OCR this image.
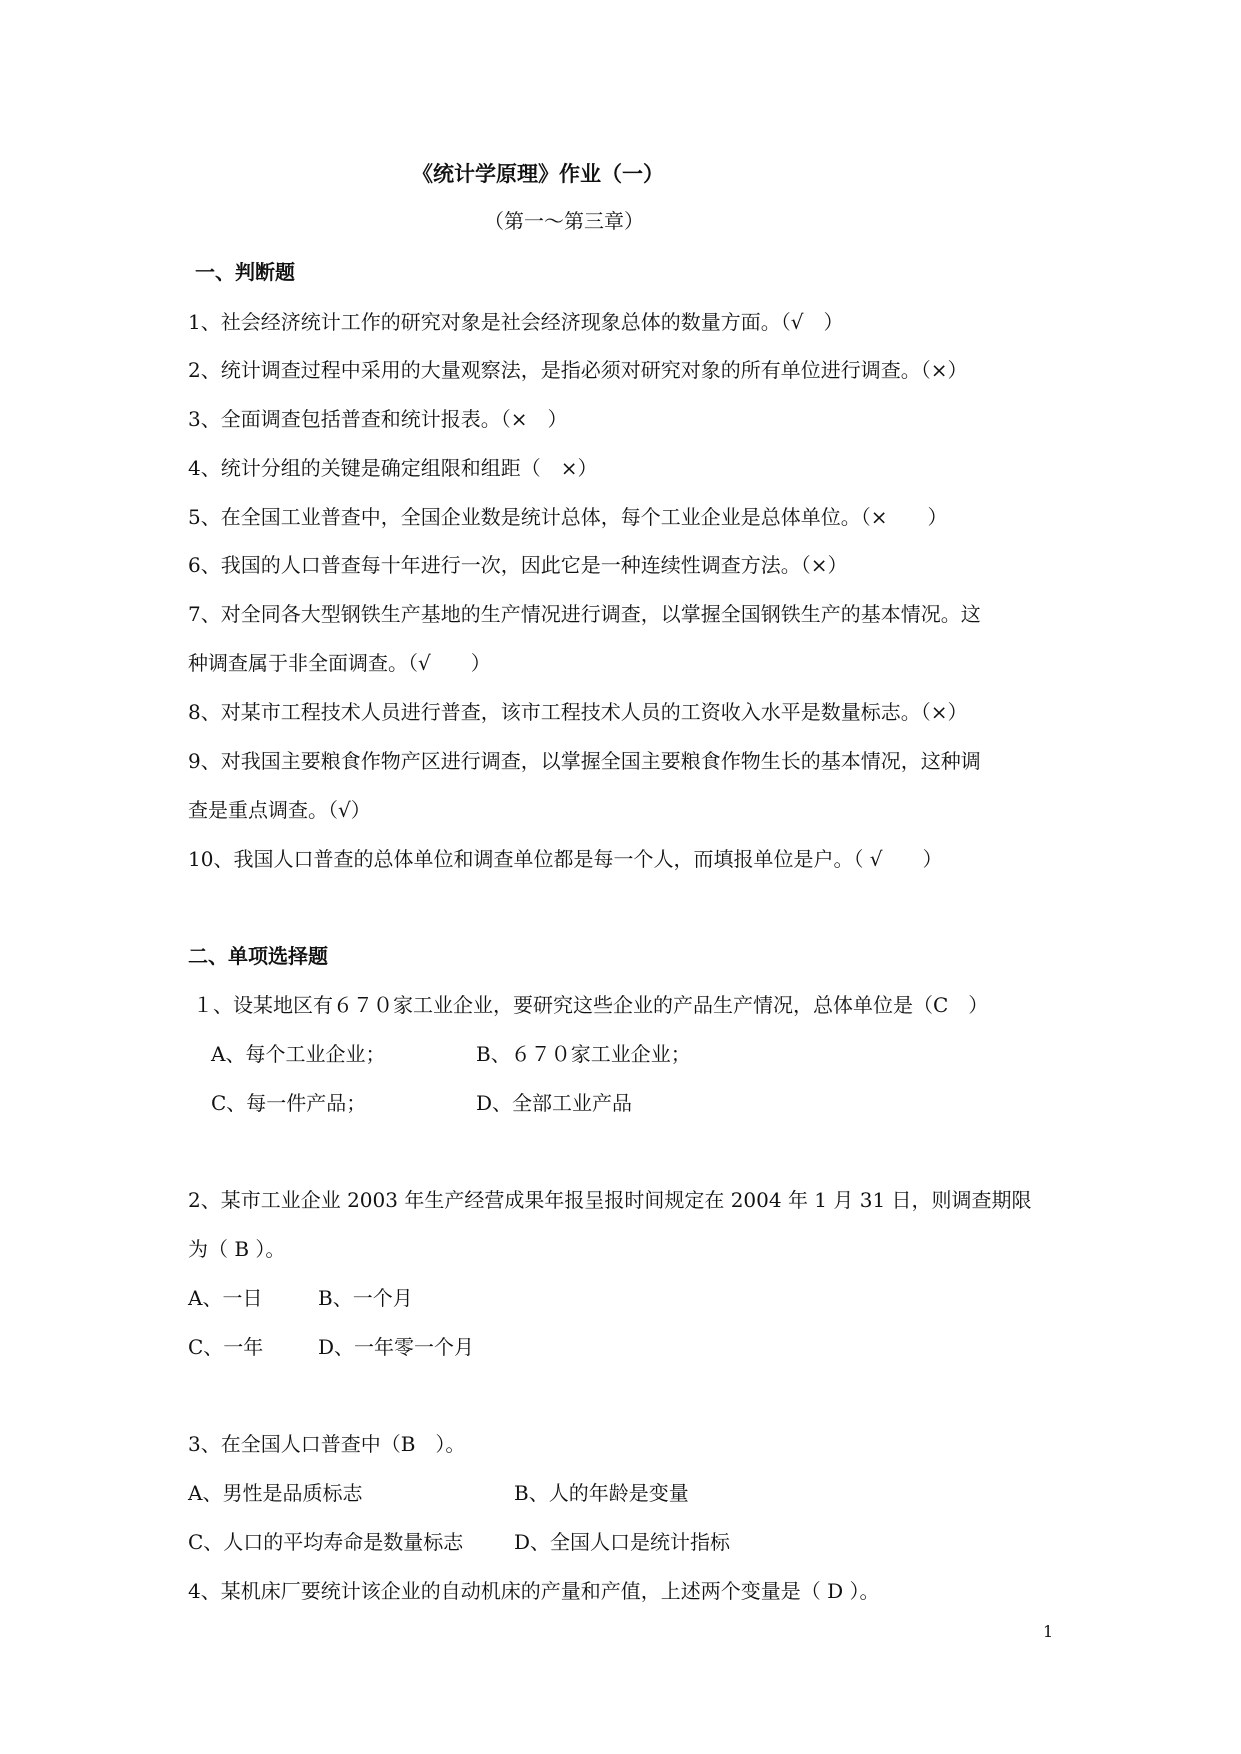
《统计学原理》作业（一）

（第一～第三章）

一、判断题

1、社会经济统计工作的研究对象是社会经济现象总体的数量方面。（√　）

2、统计调查过程中采用的大量观察法，是指必须对研究对象的所有单位进行调查。（×）

3、全面调查包括普查和统计报表。（×　）

4、统计分组的关键是确定组限和组距（　×）

5、在全国工业普查中，全国企业数是统计总体，每个工业企业是总体单位。（×　　）

6、我国的人口普查每十年进行一次，因此它是一种连续性调查方法。（×）

7、对全同各大型钢铁生产基地的生产情况进行调查，以掌握全国钢铁生产的基本情况。这

种调查属于非全面调查。（√　　）

8、对某市工程技术人员进行普查，该市工程技术人员的工资收入水平是数量标志。（×）

9、对我国主要粮食作物产区进行调查，以掌握全国主要粮食作物生长的基本情况，这种调

查是重点调查。（√）

10、我国人口普查的总体单位和调查单位都是每一个人，而填报单位是户。（ √　　）

二、单项选择题

１、设某地区有６７０家工业企业，要研究这些企业的产品生产情况，总体单位是（C　）

A、每个工业企业；	B、６７０家工业企业；

C、每一件产品；	D、全部工业产品

2、某市工业企业 2003 年生产经营成果年报呈报时间规定在 2004 年 1 月 31 日，则调查期限

为（ B ）。

A、一日	B、一个月

C、一年	D、一年零一个月

3、在全国人口普查中（B　）。

A、男性是品质标志	B、人的年龄是变量

C、人口的平均寿命是数量标志	D、全国人口是统计指标

4、某机床厂要统计该企业的自动机床的产量和产值，上述两个变量是（ D ）。

1
